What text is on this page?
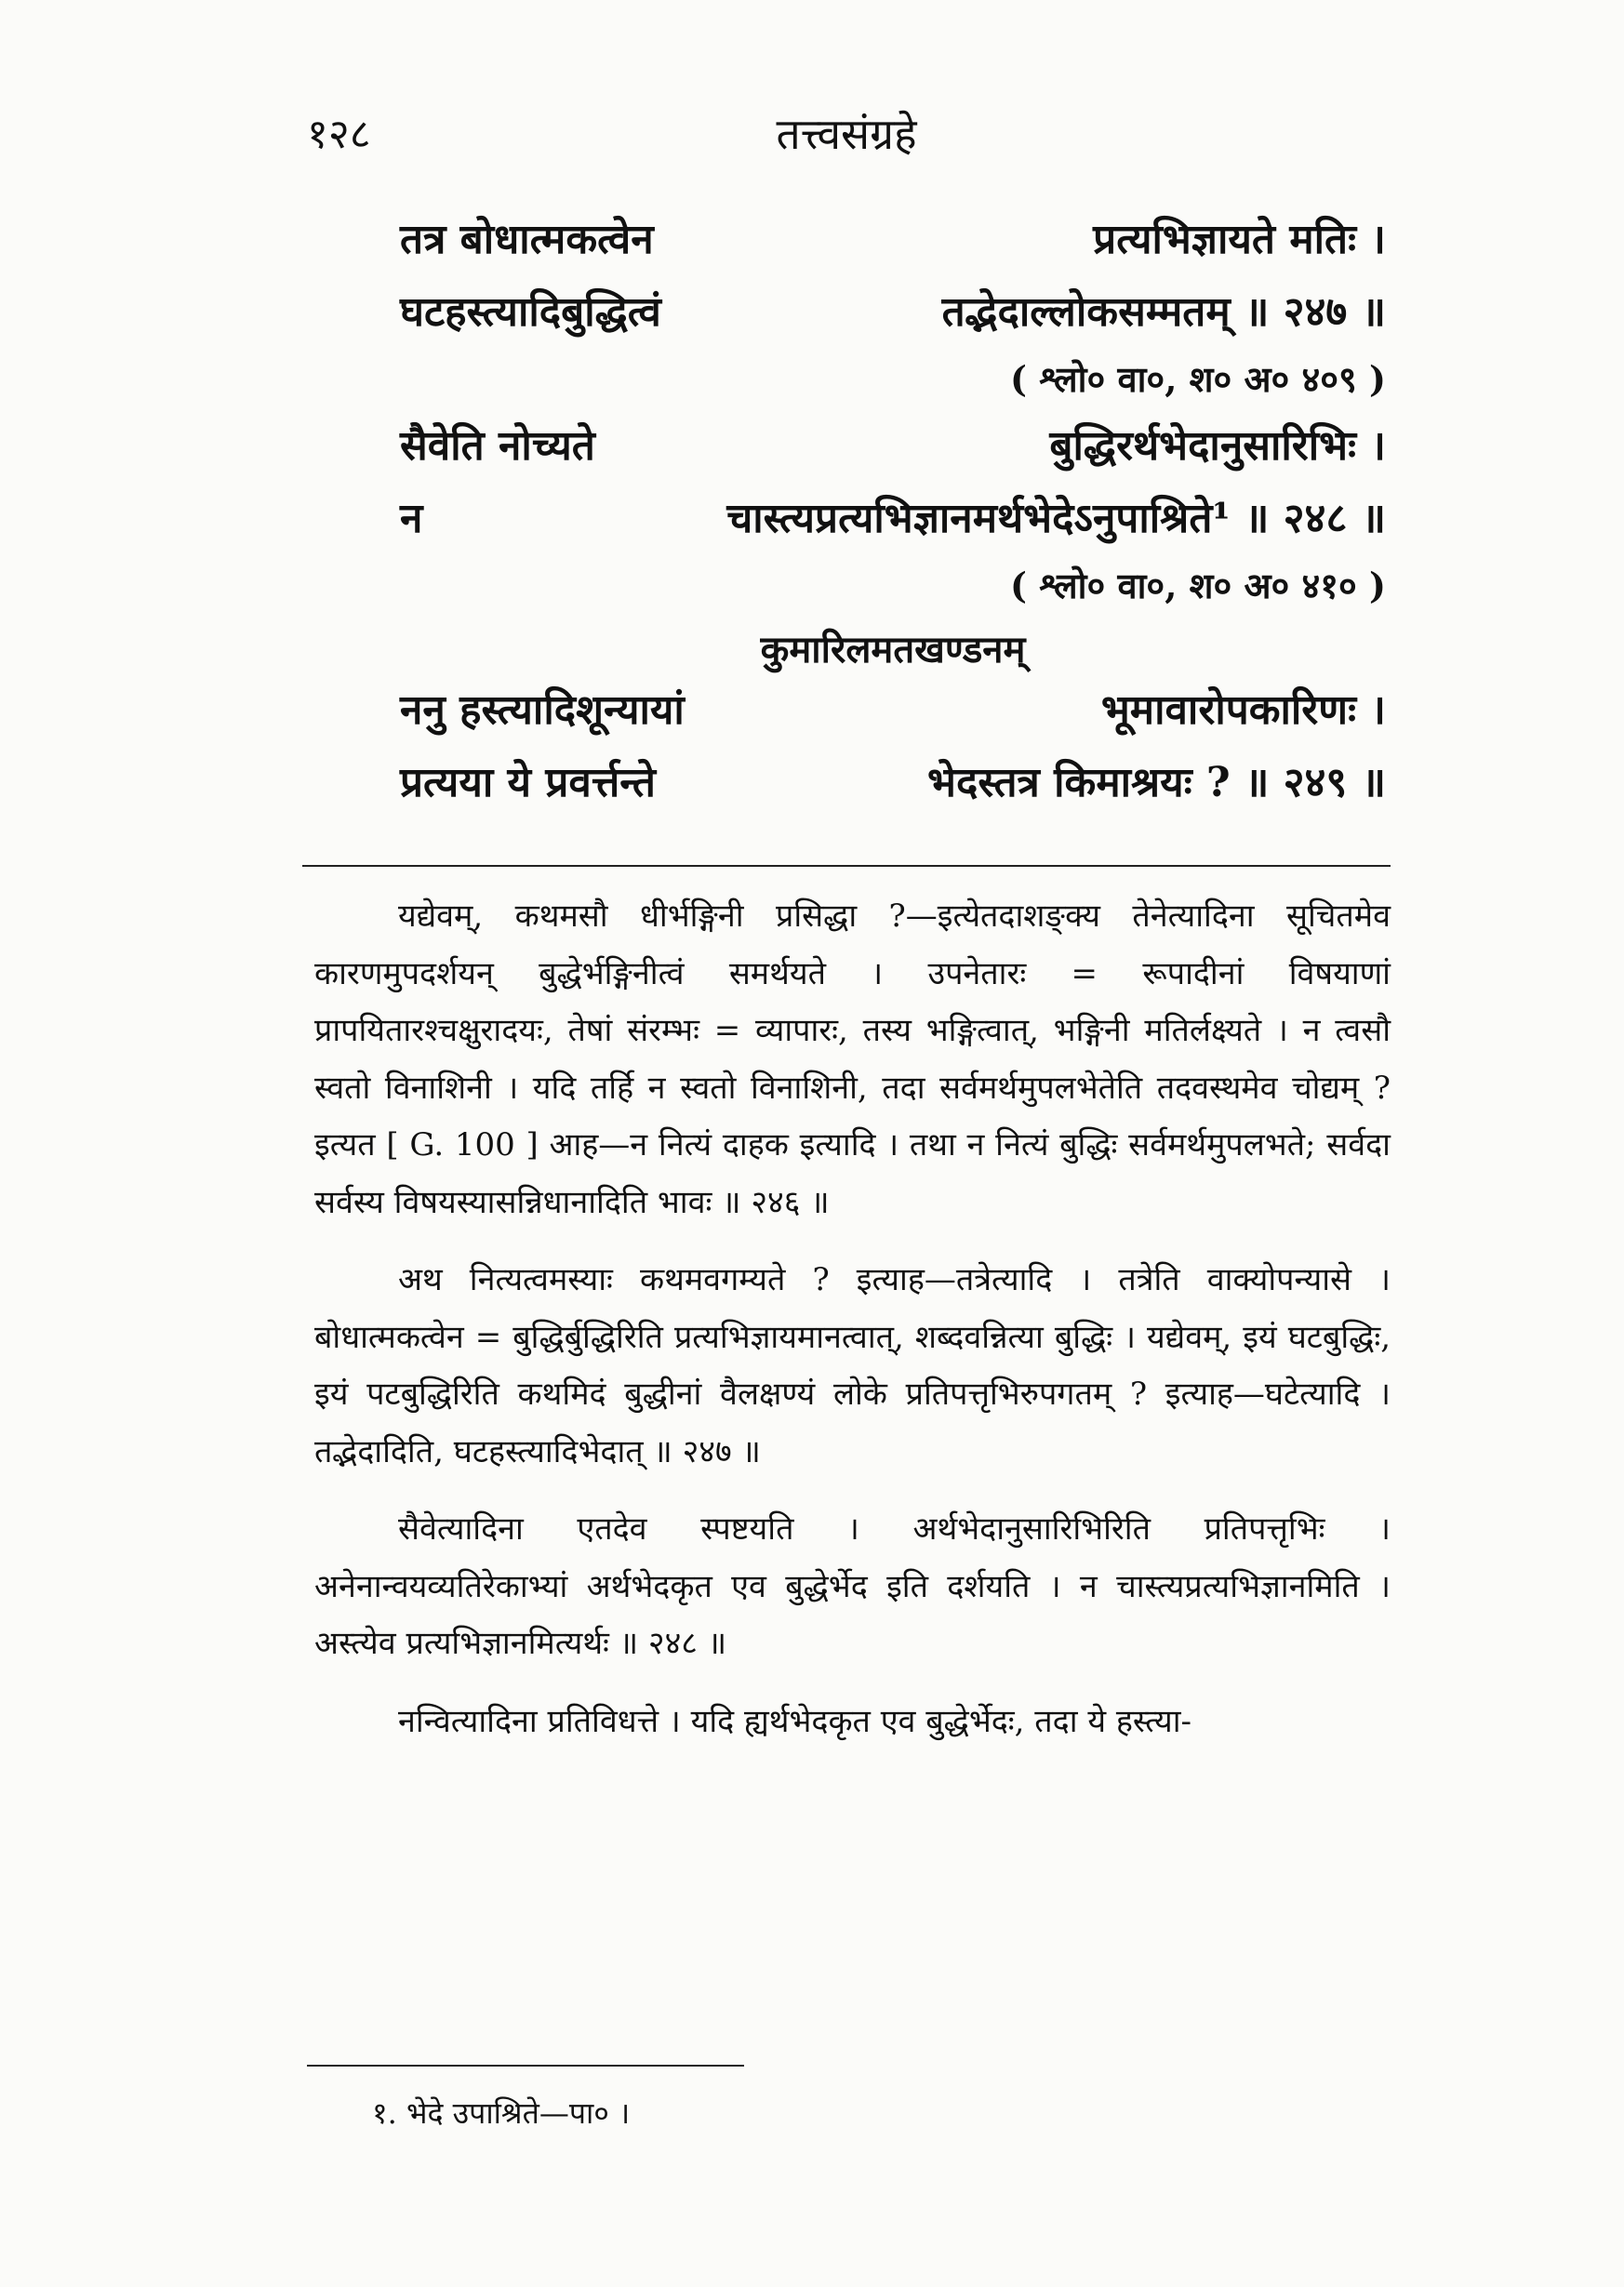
१२८	तत्त्वसंग्रहे
तत्र बोधात्मकत्वेन	प्रत्यभिज्ञायते मतिः ।
घटहस्त्यादिबुद्धित्वं	तद्भेदाल्लोकसम्मतम् ॥ २४७ ॥
( श्लो० वा०, श० अ० ४०९ )
सैवेति नोच्यते	बुद्धिरर्थभेदानुसारिभिः ।
न	चास्त्यप्रत्यभिज्ञानमर्थभेदेऽनुपाश्रिते¹ ॥ २४८ ॥
( श्लो० वा०, श० अ० ४१० )
कुमारिलमतखण्डनम्
ननु हस्त्यादिशून्यायां	भूमावारोपकारिणः ।
प्रत्यया ये प्रवर्त्तन्ते	भेदस्तत्र किमाश्रयः ? ॥ २४९ ॥

यद्येवम्, कथमसौ धीर्भङ्गिनी प्रसिद्धा ?—इत्येतदाशङ्क्य तेनेत्यादिना सूचितमेव कारणमुपदर्शयन् बुद्धेर्भङ्गिनीत्वं समर्थयते । उपनेतारः = रूपादीनां विषयाणां प्रापयितारश्चक्षुरादयः, तेषां संरम्भः = व्यापारः, तस्य भङ्गित्वात्, भङ्गिनी मतिर्लक्ष्यते । न त्वसौ स्वतो विनाशिनी । यदि तर्हि न स्वतो विनाशिनी, तदा सर्वमर्थमुपलभेतेति तदवस्थमेव चोद्यम् ? इत्यत [ G. 100 ] आह—न नित्यं दाहक इत्यादि । तथा न नित्यं बुद्धिः सर्वमर्थमुपलभते; सर्वदा सर्वस्य विषयस्यासन्निधानादिति भावः ॥ २४६ ॥

अथ नित्यत्वमस्याः कथमवगम्यते ? इत्याह—तत्रेत्यादि । तत्रेति वाक्योपन्यासे । बोधात्मकत्वेन = बुद्धिर्बुद्धिरिति प्रत्यभिज्ञायमानत्वात्, शब्दवन्नित्या बुद्धिः । यद्येवम्, इयं घटबुद्धिः, इयं पटबुद्धिरिति कथमिदं बुद्धीनां वैलक्षण्यं लोके प्रतिपत्तृभिरुपगतम् ? इत्याह—घटेत्यादि । तद्भेदादिति, घटहस्त्यादिभेदात् ॥ २४७ ॥

सैवेत्यादिना एतदेव स्पष्टयति । अर्थभेदानुसारिभिरिति प्रतिपत्तृभिः । अनेनान्वयव्यतिरेकाभ्यां अर्थभेदकृत एव बुद्धेर्भेद इति दर्शयति । न चास्त्यप्रत्यभिज्ञानमिति । अस्त्येव प्रत्यभिज्ञानमित्यर्थः ॥ २४८ ॥

नन्वित्यादिना प्रतिविधत्ते । यदि ह्यर्थभेदकृत एव बुद्धेर्भेदः, तदा ये हस्त्या-

१. भेदे उपाश्रिते—पा० ।
